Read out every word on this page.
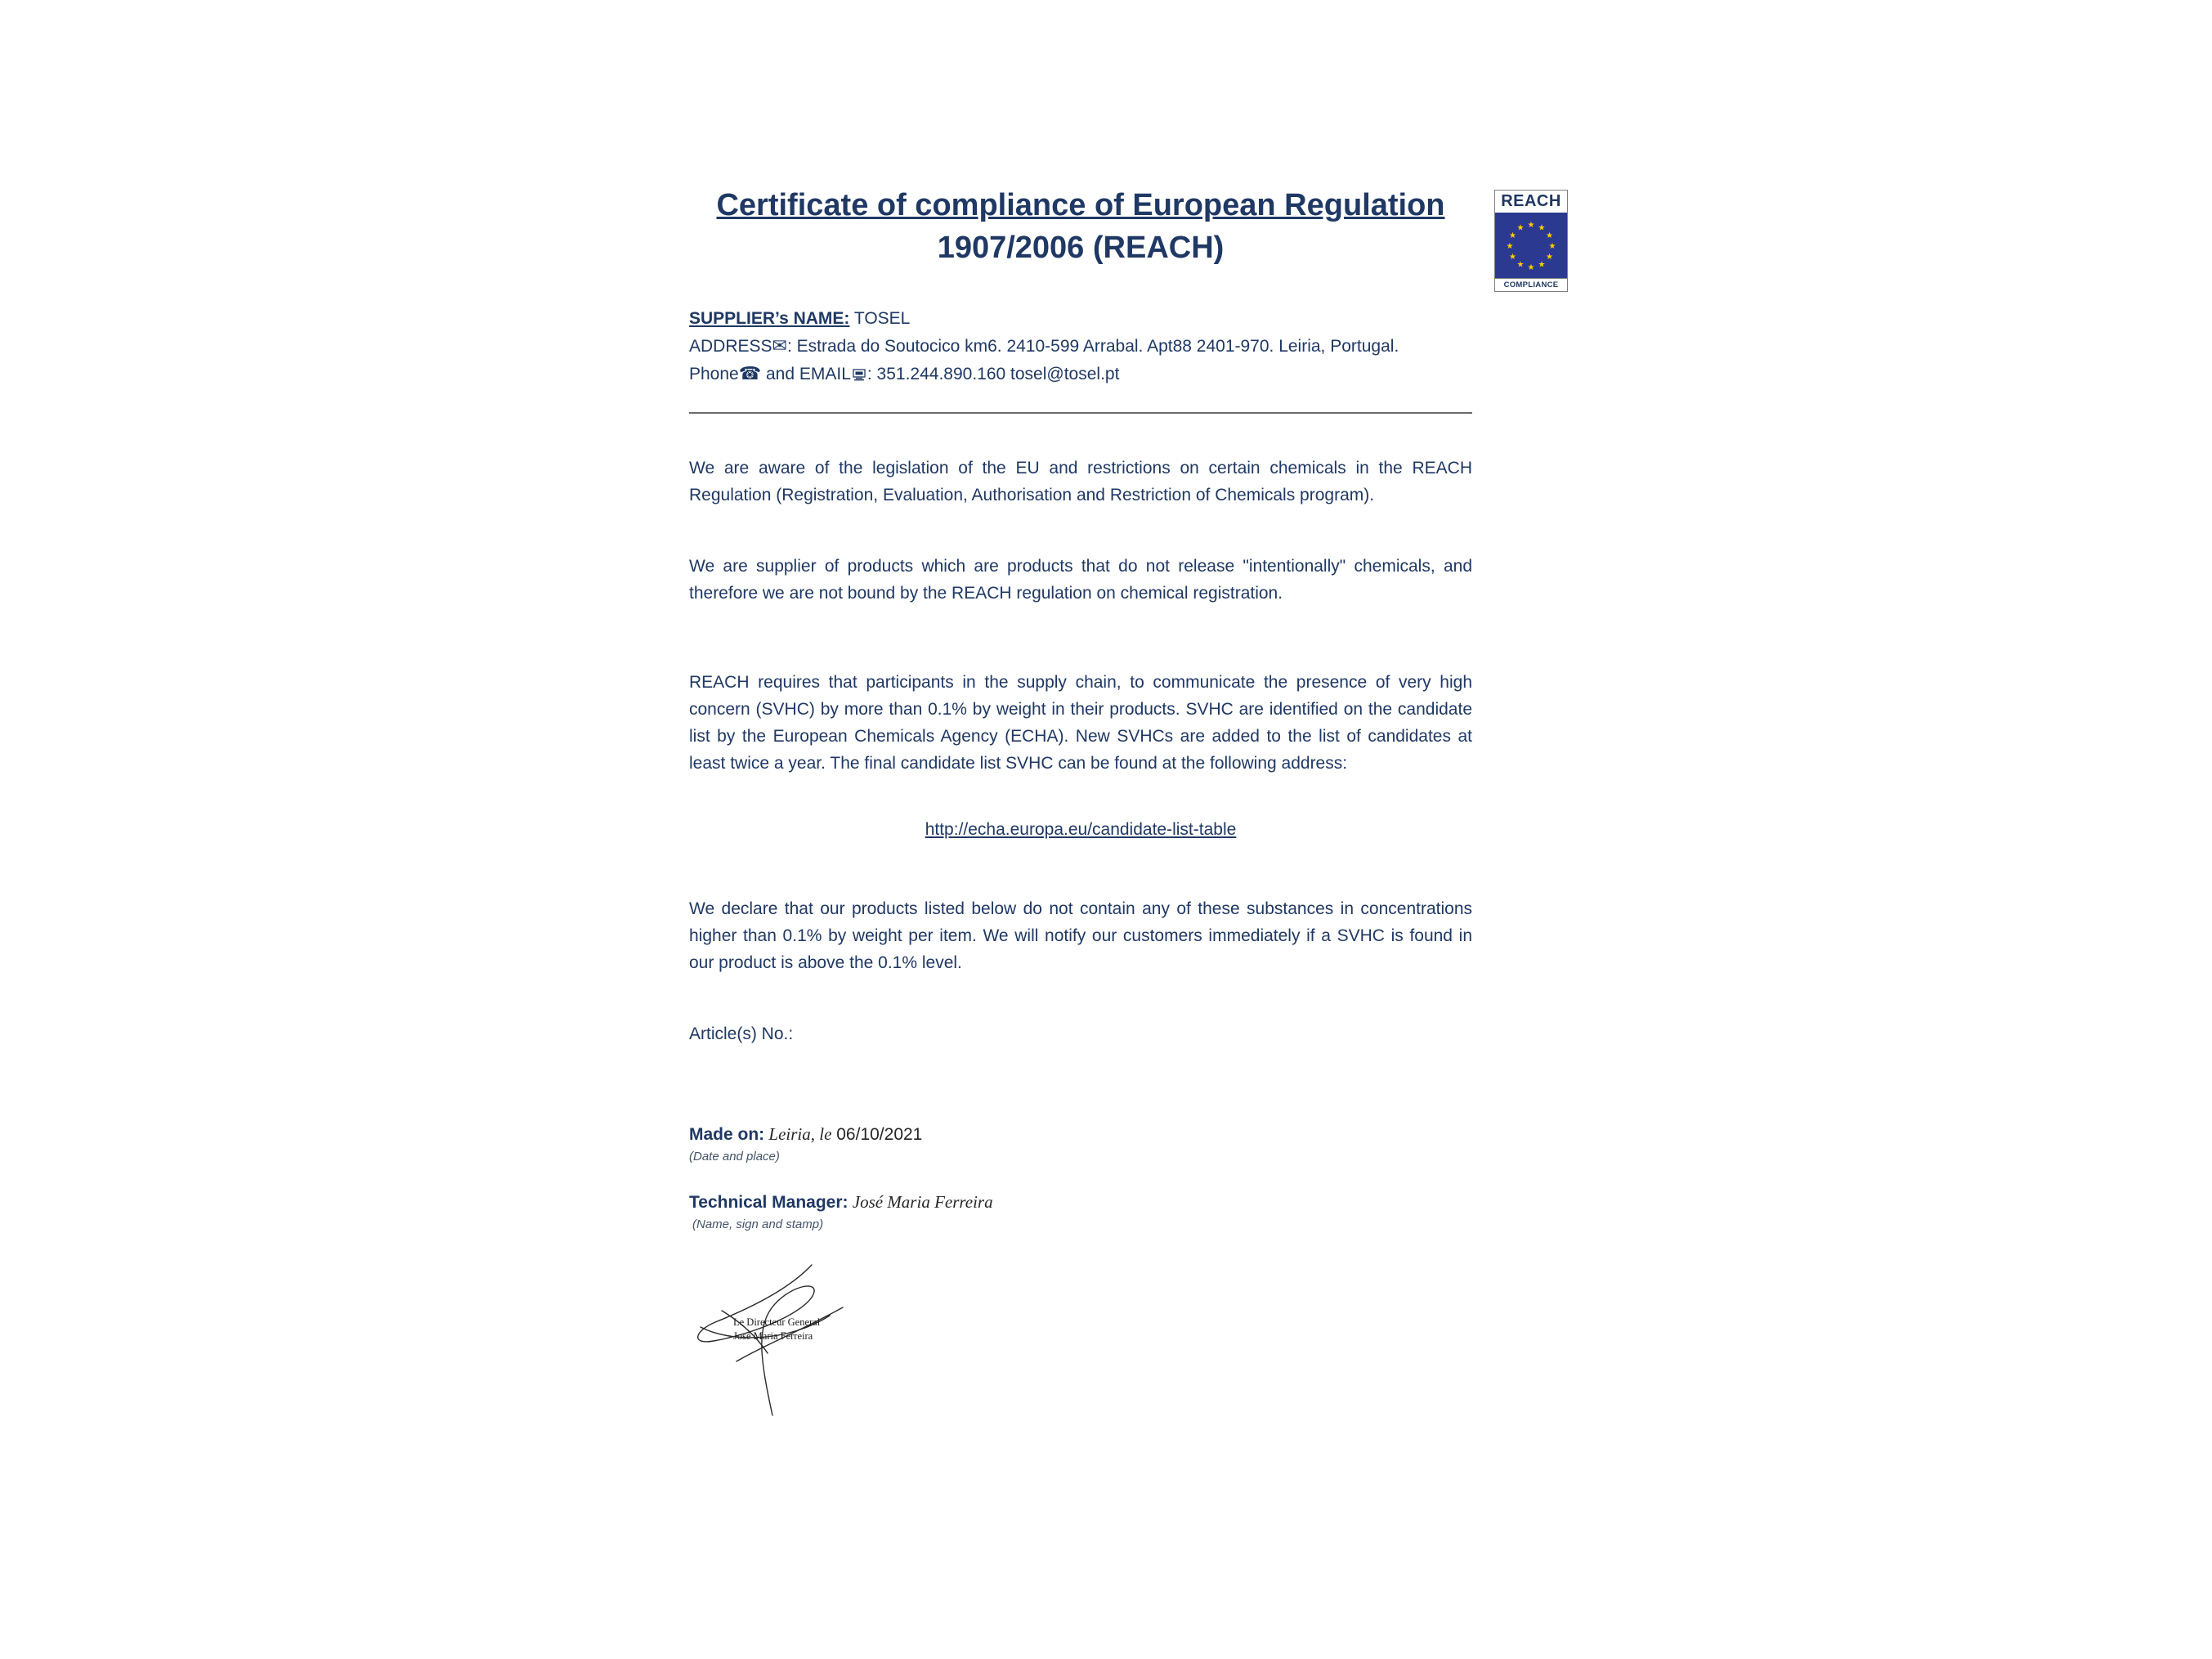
REACH
★ ★
★
★
★
★
★
★
★
★
★
★
COMPLIANCE
Certificate of compliance of European Regulation
1907/2006 (REACH)

SUPPLIER’s NAME: TOSEL

ADDRESS✉: Estrada do Soutocico km6. 2410-599 Arrabal. Apt88 2401-970. Leiria, Portugal.

Phone☎ and EMAIL : 351.244.890.160 tosel@tosel.pt

We are aware of the legislation of the EU and restrictions on certain chemicals in the REACH Regulation (Registration, Evaluation, Authorisation and Restriction of Chemicals program).

We are supplier of products which are products that do not release "intentionally" chemicals, and therefore we are not bound by the REACH regulation on chemical registration.

REACH requires that participants in the supply chain, to communicate the presence of very high concern (SVHC) by more than 0.1% by weight in their products. SVHC are identified on the candidate list by the European Chemicals Agency (ECHA). New SVHCs are added to the list of candidates at least twice a year. The final candidate list SVHC can be found at the following address:

http://echa.europa.eu/candidate-list-table

We declare that our products listed below do not contain any of these substances in concentrations higher than 0.1% by weight per item. We will notify our customers immediately if a SVHC is found in our product is above the 0.1% level.

Article(s) No.:

Made on: Leiria, le 06/10/2021

(Date and place)

Technical Manager: José Maria Ferreira

(Name, sign and stamp)

Le Directeur General
José Maria Ferreira
